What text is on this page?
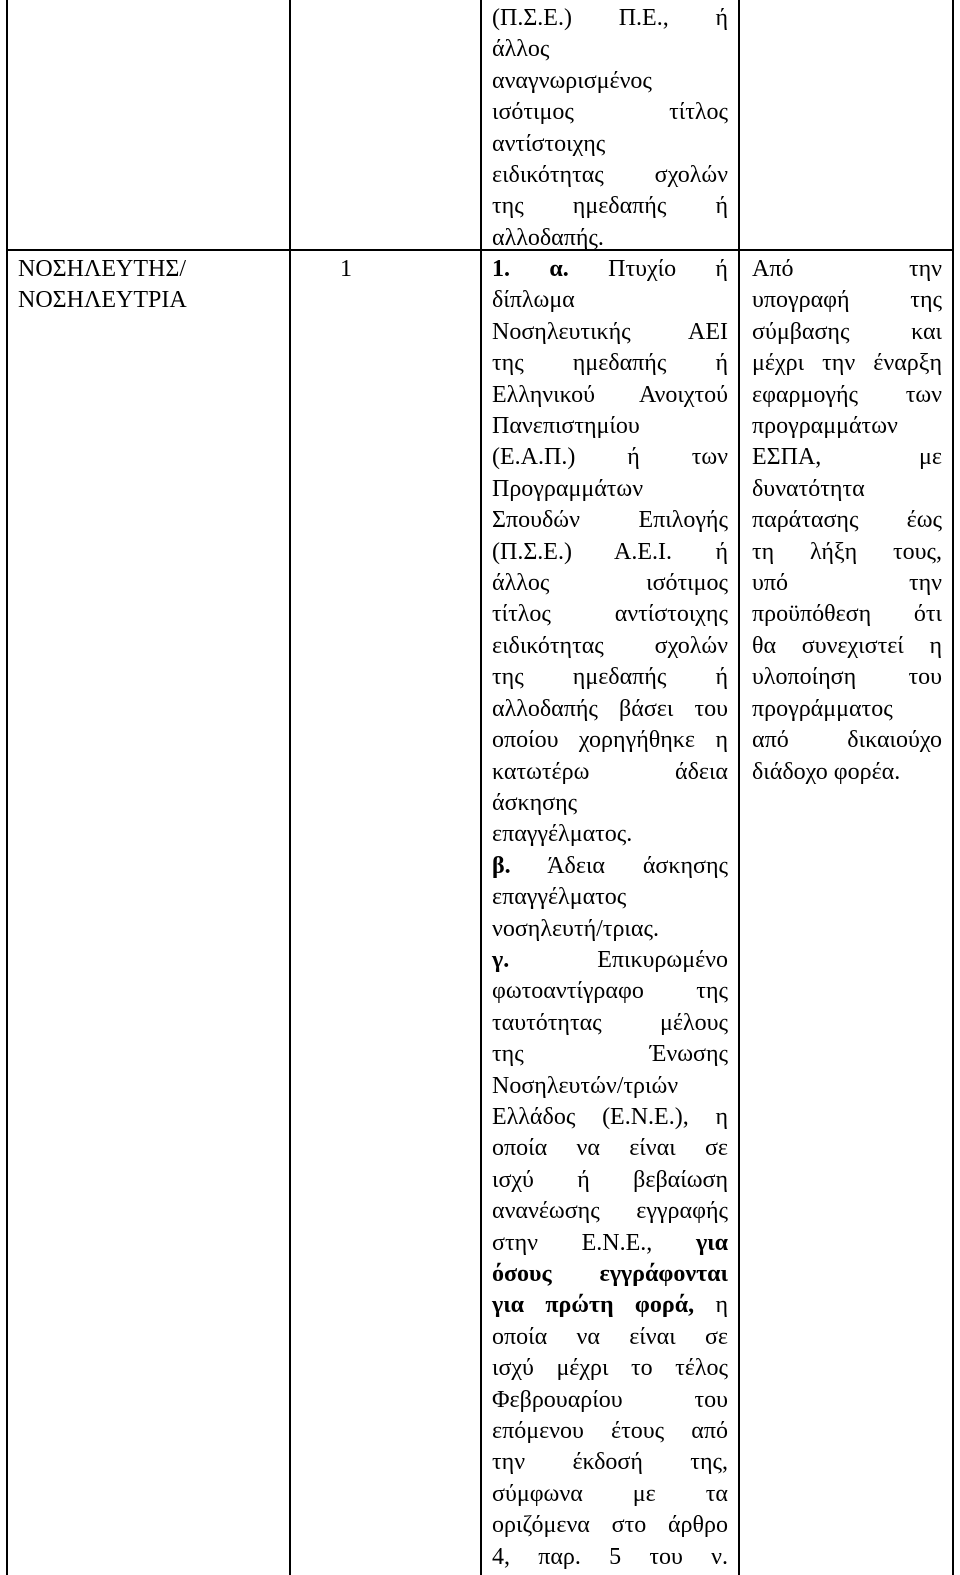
(Π.Σ.Ε.) Π.Ε., ή
άλλος
αναγνωρισμένος
ισότιμος τίτλος
αντίστοιχης
ειδικότητας σχολών
της ημεδαπής ή
αλλοδαπής.
ΝΟΣΗΛΕΥΤΗΣ/
ΝΟΣΗΛΕΥΤΡΙΑ
1	1. α. Πτυχίο ή
δίπλωμα
Νοσηλευτικής ΑΕΙ
της ημεδαπής ή
Ελληνικού Ανοιχτού
Πανεπιστημίου
(Ε.Α.Π.) ή των
Προγραμμάτων
Σπουδών Επιλογής
(Π.Σ.Ε.) Α.Ε.Ι. ή
άλλος ισότιμος
τίτλος αντίστοιχης
ειδικότητας σχολών
της ημεδαπής ή
αλλοδαπής βάσει του
οποίου χορηγήθηκε η
κατωτέρω άδεια
άσκησης
επαγγέλματος.
β. Άδεια άσκησης
επαγγέλματος
νοσηλευτή/τριας.
γ.	Επικυρωμένο
φωτοαντίγραφο της
ταυτότητας μέλους
της Ένωσης
Νοσηλευτών/τριών
Ελλάδος (Ε.Ν.Ε.), η
οποία να είναι σε
ισχύ ή βεβαίωση
ανανέωσης εγγραφής
στην Ε.Ν.Ε., για
όσους εγγράφονται
για πρώτη φορά, η
οποία να είναι σε
ισχύ μέχρι το τέλος
Φεβρουαρίου του
επόμενου έτους από
την έκδοσή της,
σύμφωνα με τα
οριζόμενα στο άρθρο
4, παρ. 5 του ν.
Από την
υπογραφή της
σύμβασης και
μέχρι την έναρξη
εφαρμογής των
προγραμμάτων
ΕΣΠΑ, με
δυνατότητα
παράτασης έως
τη λήξη τους,
υπό την
προϋπόθεση ότι
θα συνεχιστεί η
υλοποίηση του
προγράμματος
από δικαιούχο
διάδοχο φορέα.
